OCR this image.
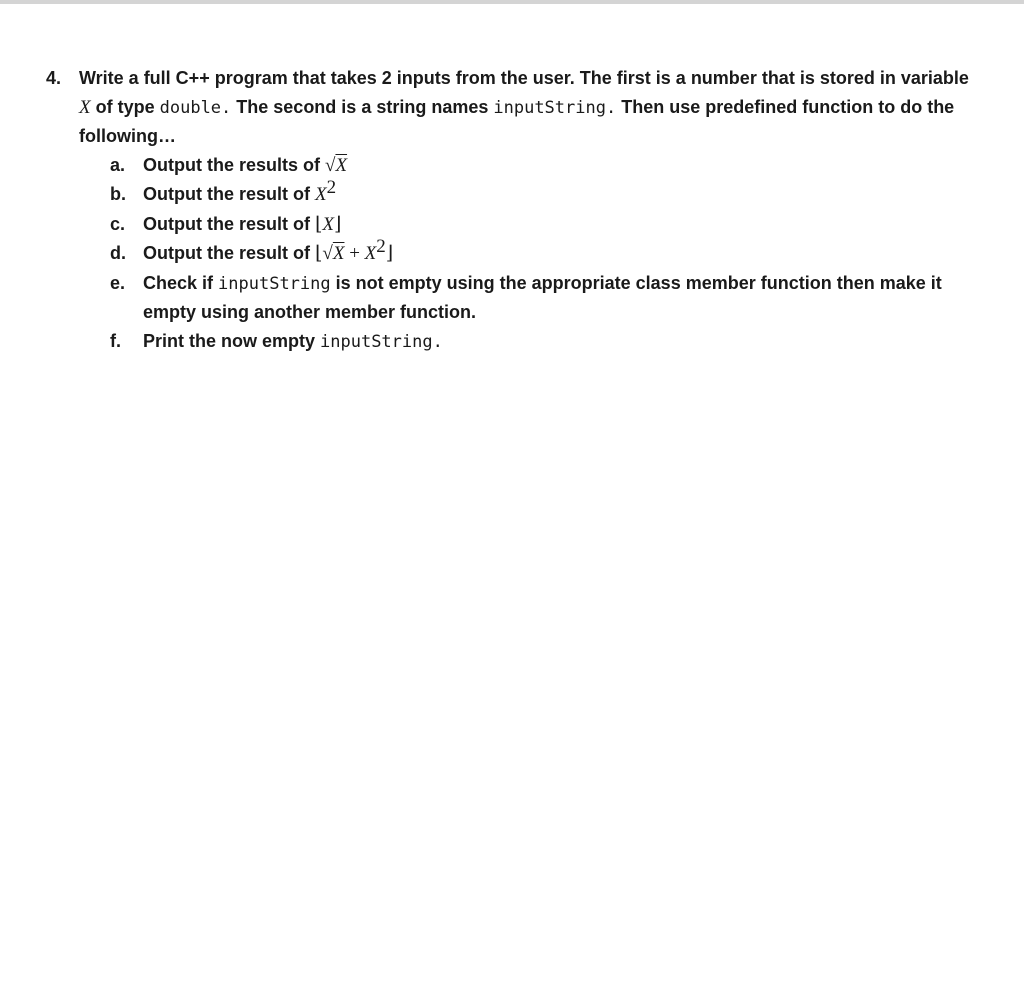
4. Write a full C++ program that takes 2 inputs from the user. The first is a number that is stored in variable X of type double. The second is a string names inputString. Then use predefined function to do the following…
a. Output the results of √X
b. Output the result of $X^2$
c. Output the result of ⌊X⌋
d. Output the result of ⌊√X + $X^2⌋$
e. Check if inputString is not empty using the appropriate class member function then make it empty using another member function.
f. Print the now empty inputString.
